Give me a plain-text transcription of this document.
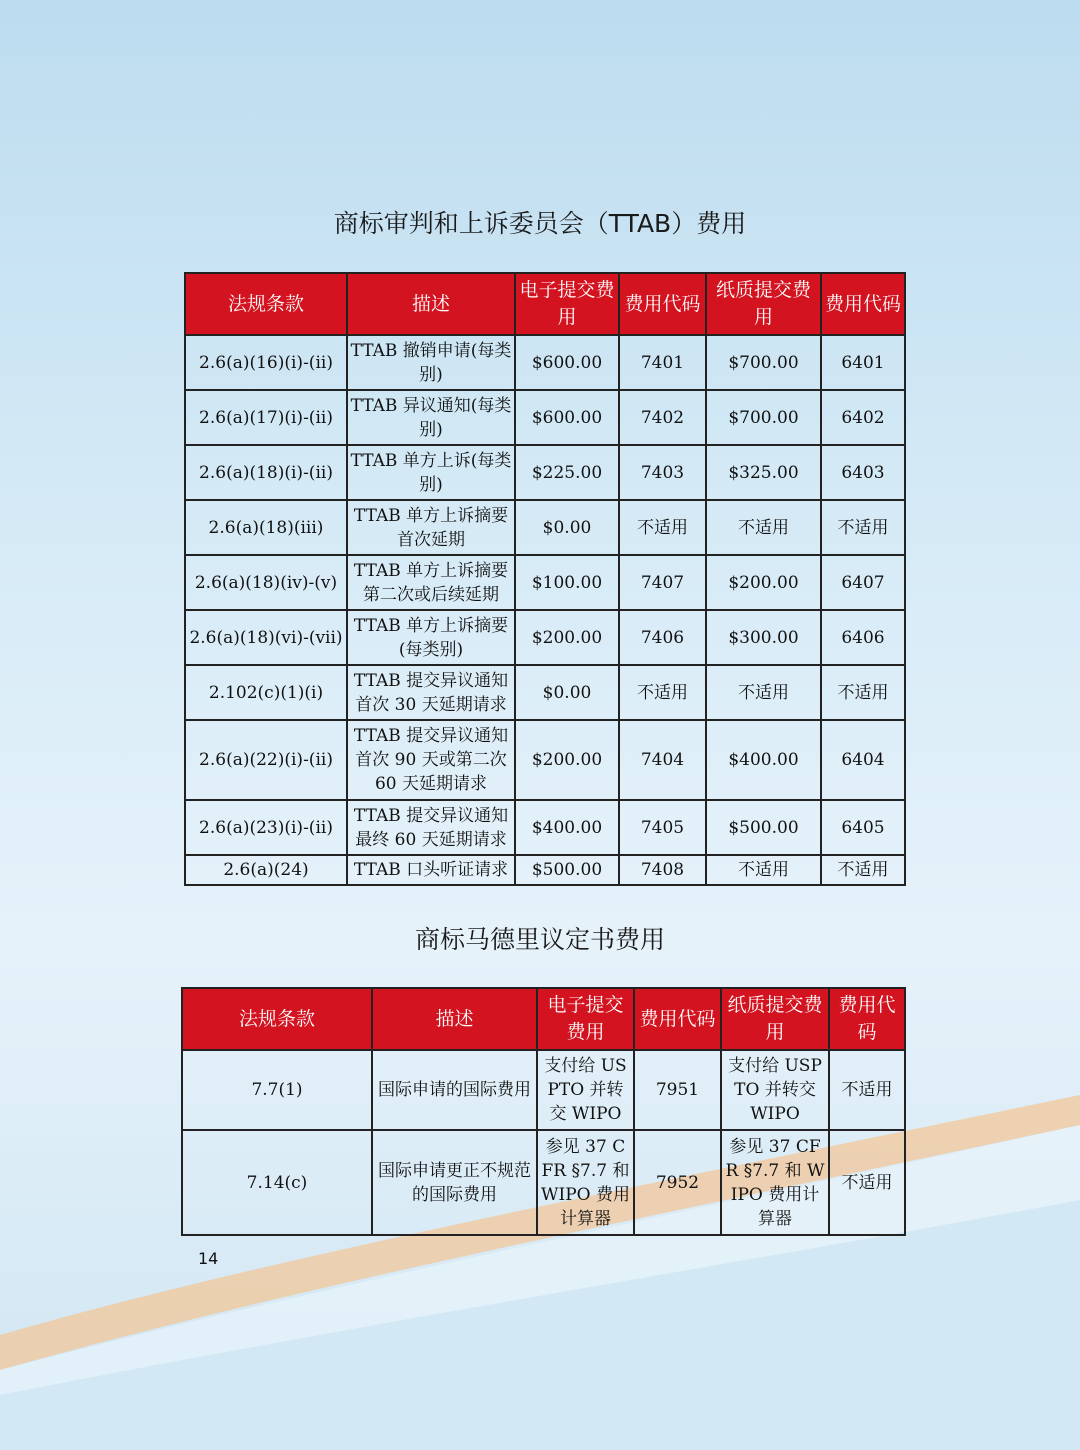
商标审判和上诉委员会（TTAB）费用
法规条款	描述	电子提交费用	费用代码	纸质提交费用	费用代码
2.6(a)(16)(i)-(ii)	TTAB 撤销申请(每类别)	$600.00	7401	$700.00	6401
2.6(a)(17)(i)-(ii)	TTAB 异议通知(每类别)	$600.00	7402	$700.00	6402
2.6(a)(18)(i)-(ii)	TTAB 单方上诉(每类别)	$225.00	7403	$325.00	6403
2.6(a)(18)(iii)	TTAB 单方上诉摘要首次延期	$0.00	不适用	不适用	不适用
2.6(a)(18)(iv)-(v)	TTAB 单方上诉摘要第二次或后续延期	$100.00	7407	$200.00	6407
2.6(a)(18)(vi)-(vii)	TTAB 单方上诉摘要(每类别)	$200.00	7406	$300.00	6406
2.102(c)(1)(i)	TTAB 提交异议通知首次 30 天延期请求	$0.00	不适用	不适用	不适用
2.6(a)(22)(i)-(ii)	TTAB 提交异议通知首次 90 天或第二次 60 天延期请求	$200.00	7404	$400.00	6404
2.6(a)(23)(i)-(ii)	TTAB 提交异议通知最终 60 天延期请求	$400.00	7405	$500.00	6405
2.6(a)(24)	TTAB 口头听证请求	$500.00	7408	不适用	不适用
商标马德里议定书费用
法规条款	描述	电子提交费用	费用代码	纸质提交费用	费用代码
7.7(1)	国际申请的国际费用	支付给 USPTO 并转交 WIPO	7951	支付给 USPTO 并转交 WIPO	不适用
7.14(c)	国际申请更正不规范的国际费用	参见 37 CFR §7.7 和 WIPO 费用计算器	7952	参见 37 CFR §7.7 和 WIPO 费用计算器	不适用
14
